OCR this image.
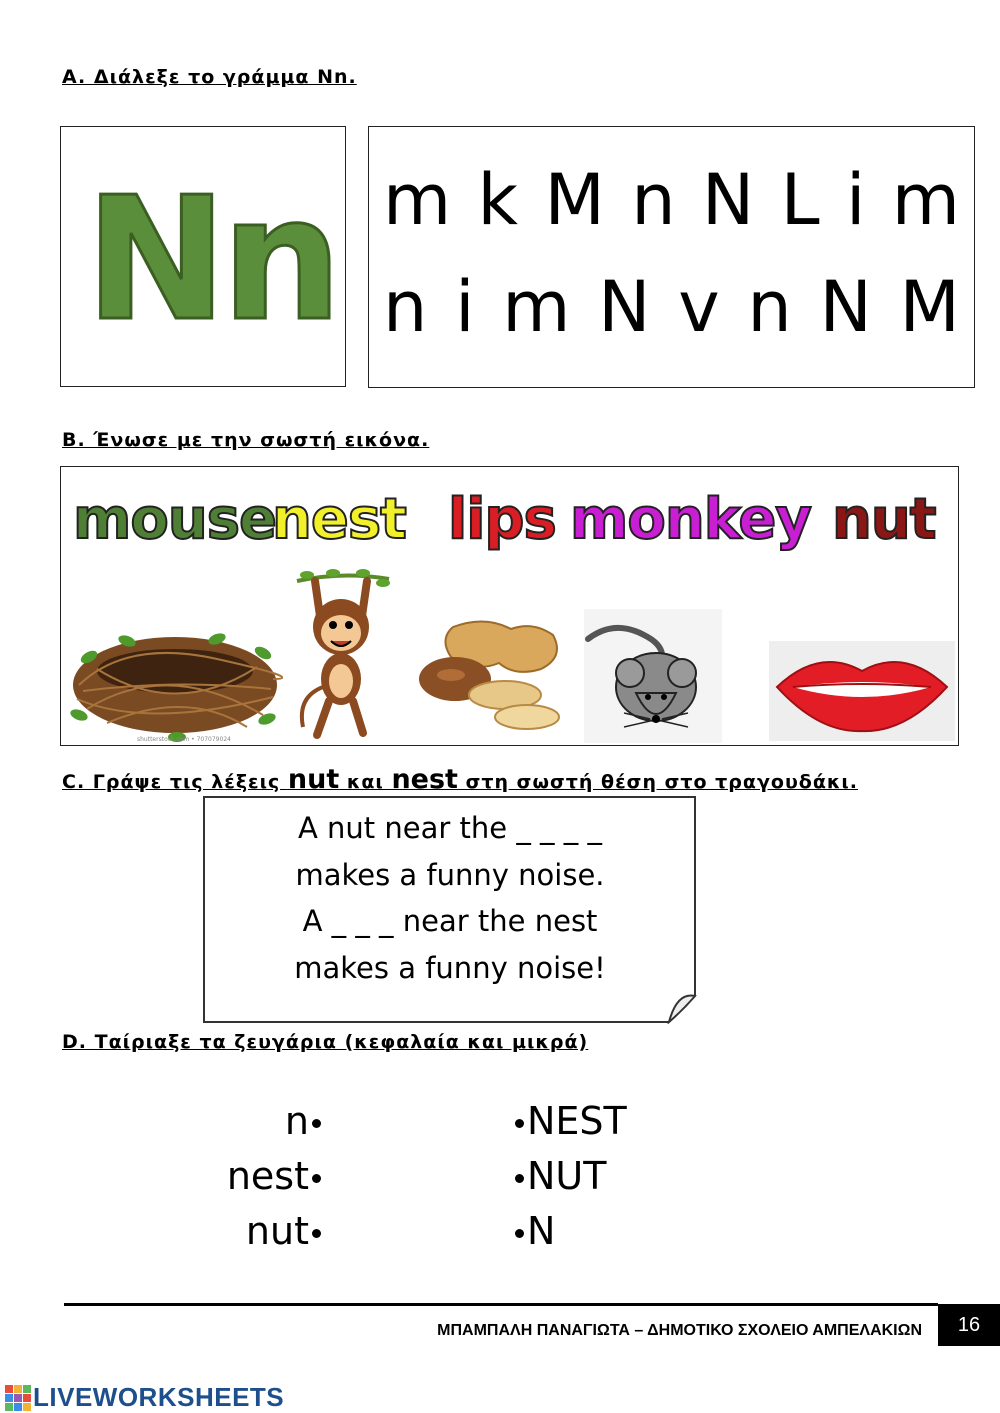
A. Διάλεξε το γράμμα Nn.
Nn m k M n N L i m
n i m N v n N M
B. Ένωσε με την σωστή εικόνα.
mouse
nest lips monkey nut
shutterstock.com • 707079024
C. Γράψε τις λέξεις nut και nest στη σωστή θέση στο τραγουδάκι.
A nut near the _ _ _ _
makes a funny noise.
A _ _ _ near the nest
makes a funny noise!
D. Ταίριαξε τα ζευγάρια (κεφαλαία και μικρά)
n
nest
nut
NEST
NUT
N
ΜΠΑΜΠΑΛΗ ΠΑΝΑΓΙΩΤΑ – ΔΗΜΟΤΙΚΟ ΣΧΟΛΕΙΟ ΑΜΠΕΛΑΚΙΩΝ	16
LIVEWORKSHEETS
